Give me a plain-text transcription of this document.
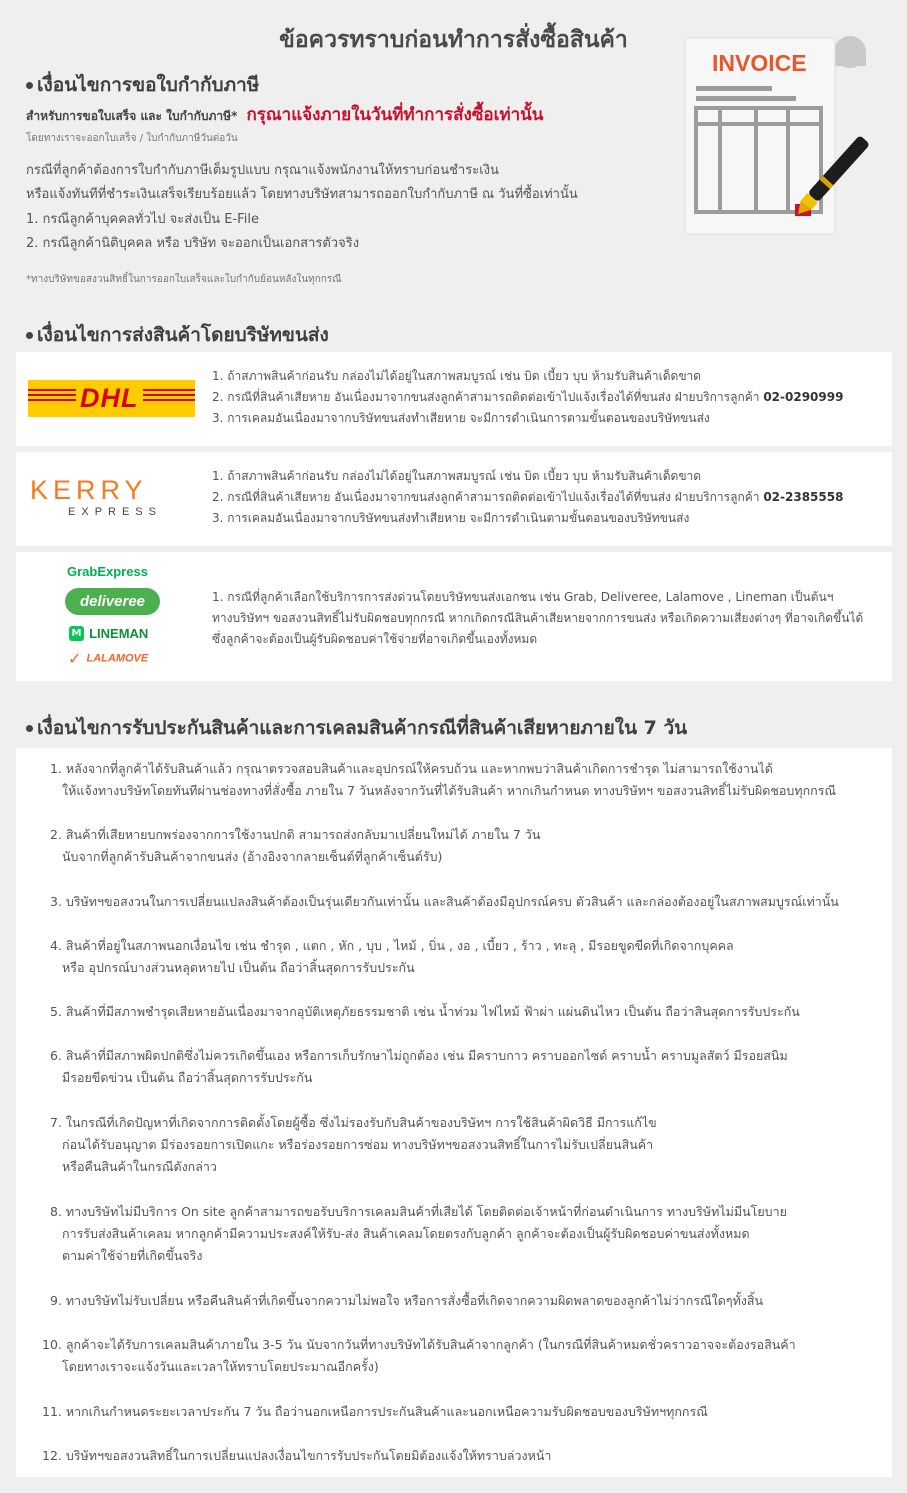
ข้อควรทราบก่อนทำการสั่งซื้อสินค้า
INVOICE
เงื่อนไขการขอใบกำกับภาษี
สำหรับการขอใบเสร็จ และ ใบกำกับภาษี* กรุณาแจ้งภายในวันที่ทำการสั่งซื้อเท่านั้น
โดยทางเราจะออกใบเสร็จ / ใบกำกับภาษีวันต่อวัน
กรณีที่ลูกค้าต้องการใบกำกับภาษีเต็มรูปแบบ กรุณาแจ้งพนักงานให้ทราบก่อนชำระเงิน
หรือแจ้งทันทีที่ชำระเงินเสร็จเรียบร้อยแล้ว โดยทางบริษัทสามารถออกใบกำกับภาษี ณ วันที่ซื้อเท่านั้น
1. กรณีลูกค้าบุคคลทั่วไป จะส่งเป็น E-File
2. กรณีลูกค้านิติบุคคล หรือ บริษัท จะออกเป็นเอกสารตัวจริง
*ทางบริษัทขอสงวนสิทธิ์ในการออกใบเสร็จและใบกำกับย้อนหลังในทุกกรณี
เงื่อนไขการส่งสินค้าโดยบริษัทขนส่ง
DHL
1. ถ้าสภาพสินค้าก่อนรับ กล่องไม่ได้อยู่ในสภาพสมบูรณ์ เช่น บิด เบี้ยว บุบ ห้ามรับสินค้าเด็ดขาด
2. กรณีที่สินค้าเสียหาย อันเนื่องมาจากขนส่งลูกค้าสามารถติดต่อเข้าไปแจ้งเรื่องได้ที่ขนส่ง ฝ่ายบริการลูกค้า 02-0290999
3. การเคลมอันเนื่องมาจากบริษัทขนส่งทำเสียหาย จะมีการดำเนินการตามขั้นตอนของบริษัทขนส่ง
KERRY
EXPRESS
1. ถ้าสภาพสินค้าก่อนรับ กล่องไม่ได้อยู่ในสภาพสมบูรณ์ เช่น บิด เบี้ยว บุบ ห้ามรับสินค้าเด็ดขาด
2. กรณีที่สินค้าเสียหาย อันเนื่องมาจากขนส่งลูกค้าสามารถติดต่อเข้าไปแจ้งเรื่องได้ที่ขนส่ง ฝ่ายบริการลูกค้า 02-2385558
3. การเคลมอันเนื่องมาจากบริษัทขนส่งทำเสียหาย จะมีการดำเนินตามขั้นตอนของบริษัทขนส่ง
GrabExpress
deliveree
M LINEMAN
✓ LALAMOVE
1. กรณีที่ลูกค้าเลือกใช้บริการการส่งด่วนโดยบริษัทขนส่งเอกชน เช่น Grab, Deliveree, Lalamove , Lineman เป็นต้นฯ
ทางบริษัทฯ ขอสงวนสิทธิ์ไม่รับผิดชอบทุกกรณี หากเกิดกรณีสินค้าเสียหายจากการขนส่ง หรือเกิดความเสี่ยงต่างๆ ที่อาจเกิดขึ้นได้
ซึ่งลูกค้าจะต้องเป็นผู้รับผิดชอบค่าใช้จ่ายที่อาจเกิดขึ้นเองทั้งหมด
เงื่อนไขการรับประกันสินค้าและการเคลมสินค้ากรณีที่สินค้าเสียหายภายใน 7 วัน
1. หลังจากที่ลูกค้าได้รับสินค้าแล้ว กรุณาตรวจสอบสินค้าและอุปกรณ์ให้ครบถ้วน และหากพบว่าสินค้าเกิดการชำรุด ไม่สามารถใช้งานได้
ให้แจ้งทางบริษัทโดยทันทีผ่านช่องทางที่สั่งซื้อ ภายใน 7 วันหลังจากวันที่ได้รับสินค้า หากเกินกำหนด ทางบริษัทฯ ขอสงวนสิทธิ์ไม่รับผิดชอบทุกกรณี
2. สินค้าที่เสียหายบกพร่องจากการใช้งานปกติ สามารถส่งกลับมาเปลี่ยนใหม่ได้ ภายใน 7 วัน
นับจากที่ลูกค้ารับสินค้าจากขนส่ง (อ้างอิงจากลายเซ็นต์ที่ลูกค้าเซ็นต์รับ)
3. บริษัทฯขอสงวนในการเปลี่ยนแปลงสินค้าต้องเป็นรุ่นเดียวกันเท่านั้น และสินค้าต้องมีอุปกรณ์ครบ ตัวสินค้า และกล่องต้องอยู่ในสภาพสมบูรณ์เท่านั้น
4. สินค้าที่อยู่ในสภาพนอกเงื่อนไข เช่น ชำรุด , แตก , หัก , บุบ , ไหม้ , บิ่น , งอ , เบี้ยว , ร้าว , ทะลุ , มีรอยขูดขีดที่เกิดจากบุคคล
หรือ อุปกรณ์บางส่วนหลุดหายไป เป็นต้น ถือว่าสิ้นสุดการรับประกัน
5. สินค้าที่มีสภาพชำรุดเสียหายอันเนื่องมาจากอุบัติเหตุภัยธรรมชาติ เช่น น้ำท่วม ไฟไหม้ ฟ้าผ่า แผ่นดินไหว เป็นต้น ถือว่าสินสุดการรับประกัน
6. สินค้าที่มีสภาพผิดปกติซึ่งไม่ควรเกิดขึ้นเอง หรือการเก็บรักษาไม่ถูกต้อง เช่น มีคราบกาว คราบออกไซด์ คราบน้ำ คราบมูลสัตว์ มีรอยสนิม
มีรอยขีดข่วน เป็นต้น ถือว่าสิ้นสุดการรับประกัน
7. ในกรณีที่เกิดปัญหาที่เกิดจากการติดตั้งโดยผู้ซื้อ ซึ่งไม่รองรับกับสินค้าของบริษัทฯ การใช้สินค้าผิดวิธี มีการแก้ไข
ก่อนได้รับอนุญาต มีร่องรอยการเปิดแกะ หรือร่องรอยการซ่อม ทางบริษัทฯขอสงวนสิทธิ์ในการไม่รับเปลี่ยนสินค้า
หรือคืนสินค้าในกรณีดังกล่าว
8. ทางบริษัทไม่มีบริการ On site ลูกค้าสามารถขอรับบริการเคลมสินค้าที่เสียได้ โดยติดต่อเจ้าหน้าที่ก่อนดำเนินการ ทางบริษัทไม่มีนโยบาย
การรับส่งสินค้าเคลม หากลูกค้ามีความประสงค์ให้รับ-ส่ง สินค้าเคลมโดยตรงกับลูกค้า ลูกค้าจะต้องเป็นผู้รับผิดชอบค่าขนส่งทั้งหมด
ตามค่าใช้จ่ายที่เกิดขึ้นจริง
9. ทางบริษัทไม่รับเปลี่ยน หรือคืนสินค้าที่เกิดขึ้นจากความไม่พอใจ หรือการสั่งซื้อที่เกิดจากความผิดพลาดของลูกค้าไม่ว่ากรณีใดๆทั้งสิ้น
10. ลูกค้าจะได้รับการเคลมสินค้าภายใน 3-5 วัน นับจากวันที่ทางบริษัทได้รับสินค้าจากลูกค้า (ในกรณีที่สินค้าหมดชั่วคราวอาจจะต้องรอสินค้า
โดยทางเราจะแจ้งวันและเวลาให้ทราบโดยประมาณอีกครั้ง)
11. หากเกินกำหนดระยะเวลาประกัน 7 วัน ถือว่านอกเหนือการประกันสินค้าและนอกเหนือความรับผิดชอบของบริษัทฯทุกกรณี
12. บริษัทฯขอสงวนสิทธิ์ในการเปลี่ยนแปลงเงื่อนไขการรับประกันโดยมิต้องแจ้งให้ทราบล่วงหน้า
